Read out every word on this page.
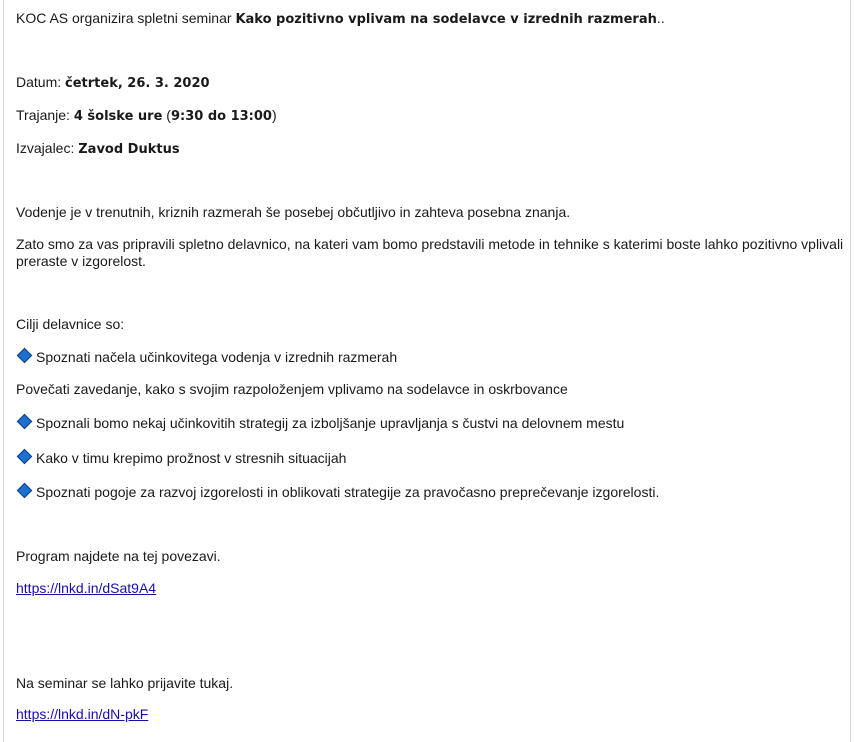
KOC AS organizira spletni seminar Kako pozitivno vplivam na sodelavce v izrednih razmerah..
Datum: četrtek, 26. 3. 2020
Trajanje: 4 šolske ure (9:30 do 13:00)
Izvajalec: Zavod Duktus
Vodenje je v trenutnih, kriznih razmerah še posebej občutljivo in zahteva posebna znanja.
Zato smo za vas pripravili spletno delavnico, na kateri vam bomo predstavili metode in tehnike s katerimi boste lahko pozitivno vplivali preraste v izgorelost.
Cilji delavnice so:
Spoznati načela učinkovitega vodenja v izrednih razmerah
Povečati zavedanje, kako s svojim razpoloženjem vplivamo na sodelavce in oskrbovance
Spoznali bomo nekaj učinkovitih strategij za izboljšanje upravljanja s čustvi na delovnem mestu
Kako v timu krepimo prožnost v stresnih situacijah
Spoznati pogoje za razvoj izgorelosti in oblikovati strategije za pravočasno preprečevanje izgorelosti.
Program najdete na tej povezavi.
https://lnkd.in/dSat9A4
Na seminar se lahko prijavite tukaj.
https://lnkd.in/dN-pkF
